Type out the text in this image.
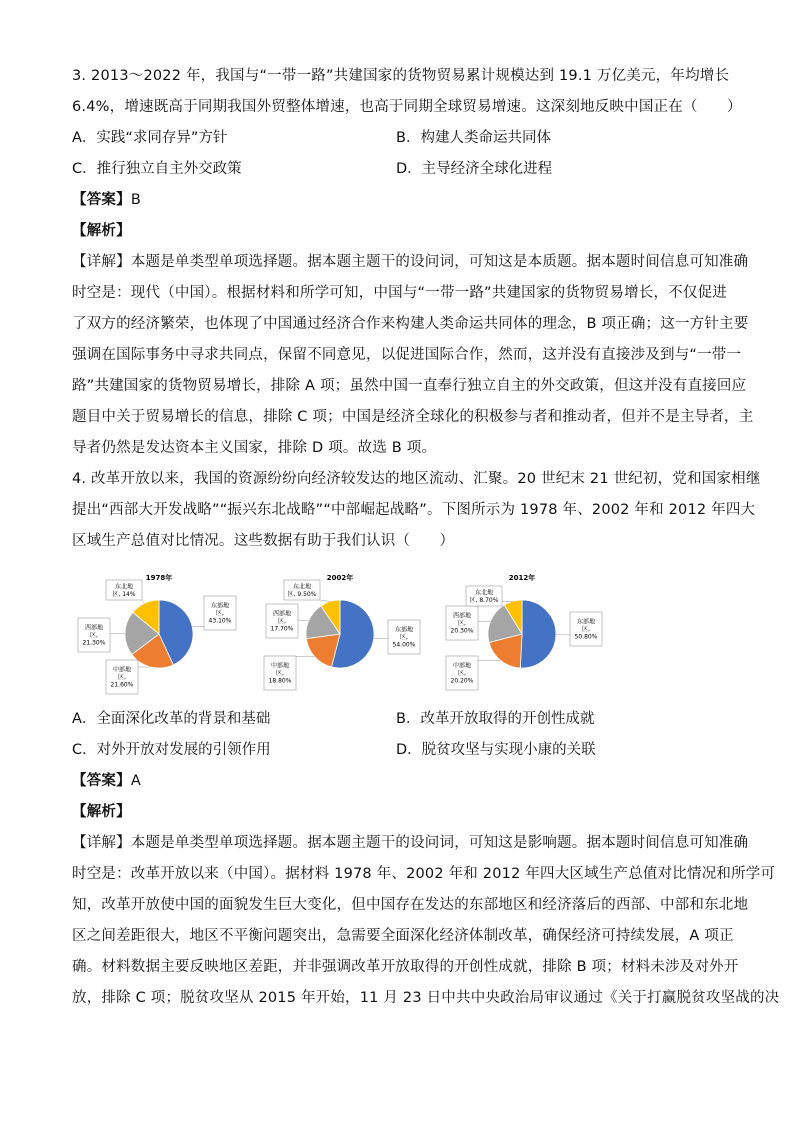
3. 2013～2022 年，我国与“一带一路”共建国家的货物贸易累计规模达到 19.1 万亿美元，年均增长
6.4%，增速既高于同期我国外贸整体增速，也高于同期全球贸易增速。这深刻地反映中国正在（　　）
A．实践“求同存异”方针	B．构建人类命运共同体
C．推行独立自主外交政策	D．主导经济全球化进程
【答案】B
【解析】
【详解】本题是单类型单项选择题。据本题主题干的设问词，可知这是本质题。据本题时间信息可知准确
时空是：现代（中国）。根据材料和所学可知，中国与“一带一路”共建国家的货物贸易增长，不仅促进
了双方的经济繁荣，也体现了中国通过经济合作来构建人类命运共同体的理念，B 项正确；这一方针主要
强调在国际事务中寻求共同点，保留不同意见，以促进国际合作，然而，这并没有直接涉及到与“一带一
路”共建国家的货物贸易增长，排除 A 项；虽然中国一直奉行独立自主的外交政策，但这并没有直接回应
题目中关于贸易增长的信息，排除 C 项；中国是经济全球化的积极参与者和推动者，但并不是主导者，主
导者仍然是发达资本主义国家，排除 D 项。故选 B 项。
4. 改革开放以来，我国的资源纷纷向经济较发达的地区流动、汇聚。20 世纪末 21 世纪初，党和国家相继
提出“西部大开发战略”“振兴东北战略”“中部崛起战略”。下图所示为 1978 年、2002 年和 2012 年四大
区域生产总值对比情况。这些数据有助于我们认识（　　）
1978年
东部地区, 43.10%
中部地区, 21.60%
西部地区, 21.30%
东北地区, 14%
2002年
东部地区, 54.00%
中部地区, 18.80%
西部地区, 17.70%
东北地区, 9.50%
2012年
东部地区, 50.80%
中部地区, 20.20%
西部地区, 20.30%
东北地区, 8.70%
A．全面深化改革的背景和基础	B．改革开放取得的开创性成就
C．对外开放对发展的引领作用	D．脱贫攻坚与实现小康的关联
【答案】A
【解析】
【详解】本题是单类型单项选择题。据本题主题干的设问词，可知这是影响题。据本题时间信息可知准确
时空是：改革开放以来（中国）。据材料 1978 年、2002 年和 2012 年四大区域生产总值对比情况和所学可
知，改革开放使中国的面貌发生巨大变化，但中国存在发达的东部地区和经济落后的西部、中部和东北地
区之间差距很大，地区不平衡问题突出，急需要全面深化经济体制改革，确保经济可持续发展，A 项正
确。材料数据主要反映地区差距，并非强调改革开放取得的开创性成就，排除 B 项；材料未涉及对外开
放，排除 C 项；脱贫攻坚从 2015 年开始，11 月 23 日中共中央政治局审议通过《关于打赢脱贫攻坚战的决
